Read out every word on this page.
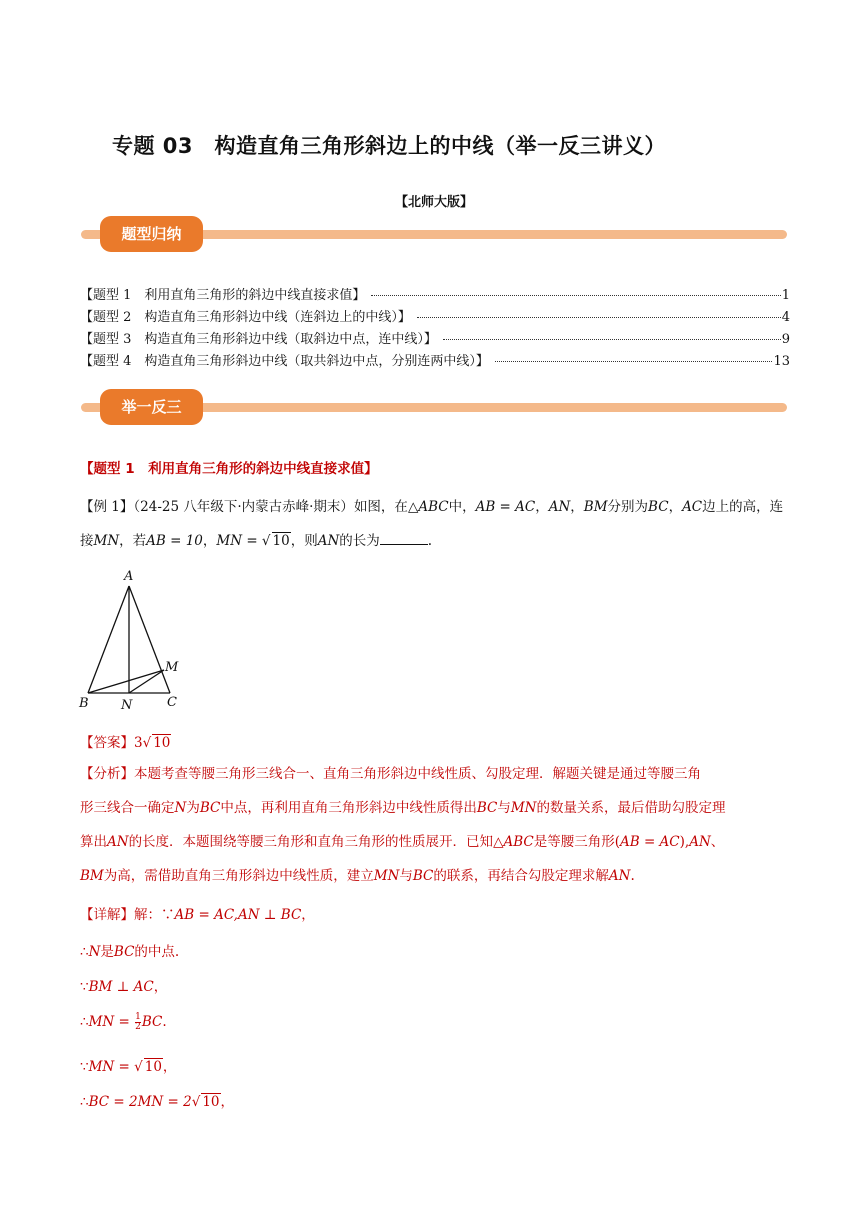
专题 03　构造直角三角形斜边上的中线（举一反三讲义）
【北师大版】
题型归纳
【题型 1　利用直角三角形的斜边中线直接求值】	1
【题型 2　构造直角三角形斜边中线（连斜边上的中线）】	4
【题型 3　构造直角三角形斜边中线（取斜边中点，连中线）】	9
【题型 4　构造直角三角形斜边中线（取共斜边中点，分别连两中线）】	13
举一反三
【题型 1　利用直角三角形的斜边中线直接求值】
【例 1】（24-25 八年级下·内蒙古赤峰·期末）如图，在△ABC中，AB = AC，AN，BM分别为BC，AC边上的高，连接MN，若AB = 10，MN = √ 10，则AN的长为	.
A
B N	C
M
【答案】3√ 10
【分析】本题考查等腰三角形三线合一、直角三角形斜边中线性质、勾股定理．解题关键是通过等腰三角
形三线合一确定N为BC中点，再利用直角三角形斜边中线性质得出BC与MN的数量关系，最后借助勾股定理
算出AN的长度．本题围绕等腰三角形和直角三角形的性质展开．已知△ABC是等腰三角形(AB = AC),AN、
BM为高，需借助直角三角形斜边中线性质，建立MN与BC的联系，再结合勾股定理求解AN.
【详解】解：∵AB = AC,AN ⊥ BC，
∴N是BC的中点.
∵BM ⊥ AC，
∴MN = $\frac{1}{2}$ BC.
∵MN = √ 10，
∴BC = 2MN = 2√ 10，
